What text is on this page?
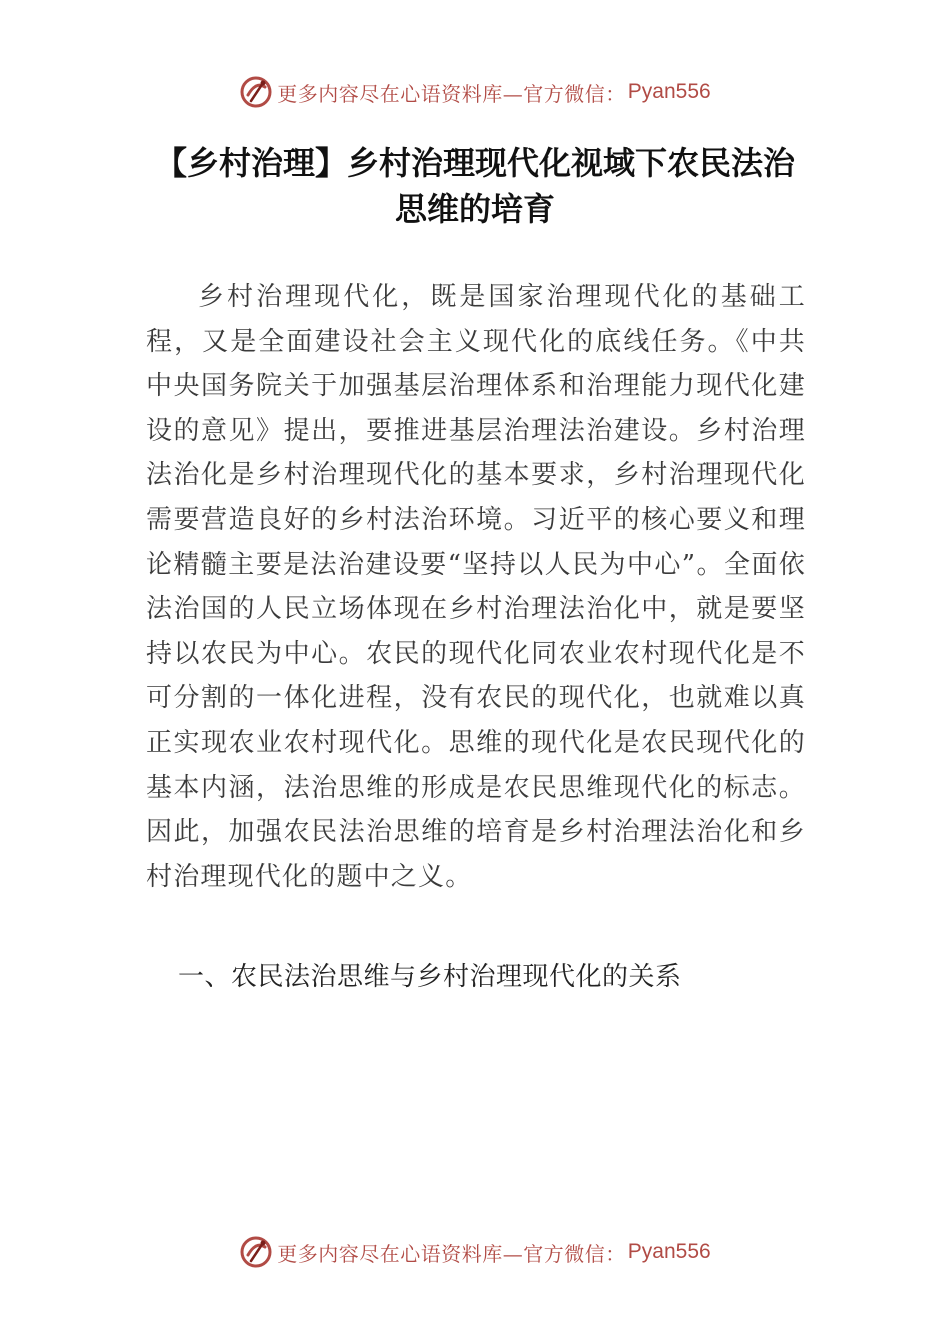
更多内容尽在心语资料库—官方微信： Pyan556
【乡村治理】乡村治理现代化视域下农民法治
思维的培育

乡村治理现代化，既是国家治理现代化的基础工程，又是全面建设社会主义现代化的底线任务。《中共中央国务院关于加强基层治理体系和治理能力现代化建设的意见》提出，要推进基层治理法治建设。乡村治理法治化是乡村治理现代化的基本要求，乡村治理现代化需要营造良好的乡村法治环境。习近平的核心要义和理论精髓主要是法治建设要“坚持以人民为中心”。全面依法治国的人民立场体现在乡村治理法治化中，就是要坚持以农民为中心。农民的现代化同农业农村现代化是不可分割的一体化进程，没有农民的现代化，也就难以真正实现农业农村现代化。思维的现代化是农民现代化的基本内涵，法治思维的形成是农民思维现代化的标志。因此，加强农民法治思维的培育是乡村治理法治化和乡村治理现代化的题中之义。

一、农民法治思维与乡村治理现代化的关系
更多内容尽在心语资料库—官方微信： Pyan556
